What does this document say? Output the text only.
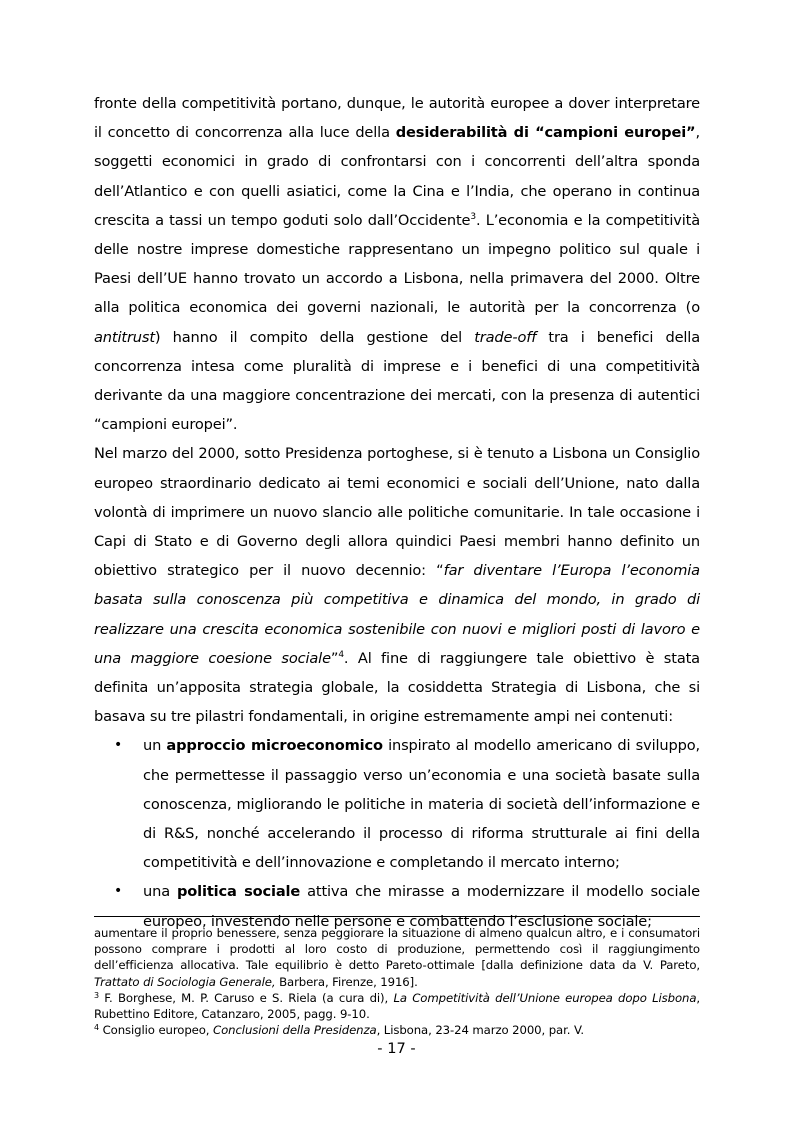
fronte della competitività portano, dunque, le autorità europee a dover interpretare il concetto di concorrenza alla luce della desiderabilità di “campioni europei”, soggetti economici in grado di confrontarsi con i concorrenti dell’altra sponda dell’Atlantico e con quelli asiatici, come la Cina e l’India, che operano in continua crescita a tassi un tempo goduti solo dall’Occidente$^3$. L’economia e la competitività delle nostre imprese domestiche rappresentano un impegno politico sul quale i Paesi dell’UE hanno trovato un accordo a Lisbona, nella primavera del 2000. Oltre alla politica economica dei governi nazionali, le autorità per la concorrenza (o antitrust) hanno il compito della gestione del trade-off tra i benefici della concorrenza intesa come pluralità di imprese e i benefici di una competitività derivante da una maggiore concentrazione dei mercati, con la presenza di autentici “campioni europei”.

Nel marzo del 2000, sotto Presidenza portoghese, si è tenuto a Lisbona un Consiglio europeo straordinario dedicato ai temi economici e sociali dell’Unione, nato dalla volontà di imprimere un nuovo slancio alle politiche comunitarie. In tale occasione i Capi di Stato e di Governo degli allora quindici Paesi membri hanno definito un obiettivo strategico per il nuovo decennio: “far diventare l’Europa l’economia basata sulla conoscenza più competitiva e dinamica del mondo, in grado di realizzare una crescita economica sostenibile con nuovi e migliori posti di lavoro e una maggiore coesione sociale”$^4$. Al fine di raggiungere tale obiettivo è stata definita un’apposita strategia globale, la cosiddetta Strategia di Lisbona, che si basava su tre pilastri fondamentali, in origine estremamente ampi nei contenuti:

• un approccio microeconomico inspirato al modello americano di sviluppo, che permettesse il passaggio verso un’economia e una società basate sulla conoscenza, migliorando le politiche in materia di società dell’informazione e di R&S, nonché accelerando il processo di riforma strutturale ai fini della competitività e dell’innovazione e completando il mercato interno;
• una politica sociale attiva che mirasse a modernizzare il modello sociale europeo, investendo nelle persone e combattendo l’esclusione sociale;

aumentare il proprio benessere, senza peggiorare la situazione di almeno qualcun altro, e i consumatori possono comprare i prodotti al loro costo di produzione, permettendo così il raggiungimento dell’efficienza allocativa. Tale equilibrio è detto Pareto-ottimale [dalla definizione data da V. Pareto, Trattato di Sociologia Generale, Barbera, Firenze, 1916].

$^3$ F. Borghese, M. P. Caruso e S. Riela (a cura di), La Competitività dell’Unione europea dopo Lisbona, Rubettino Editore, Catanzaro, 2005, pagg. 9-10.

$^4$ Consiglio europeo, Conclusioni della Presidenza, Lisbona, 23-24 marzo 2000, par. V.

- 17 -
